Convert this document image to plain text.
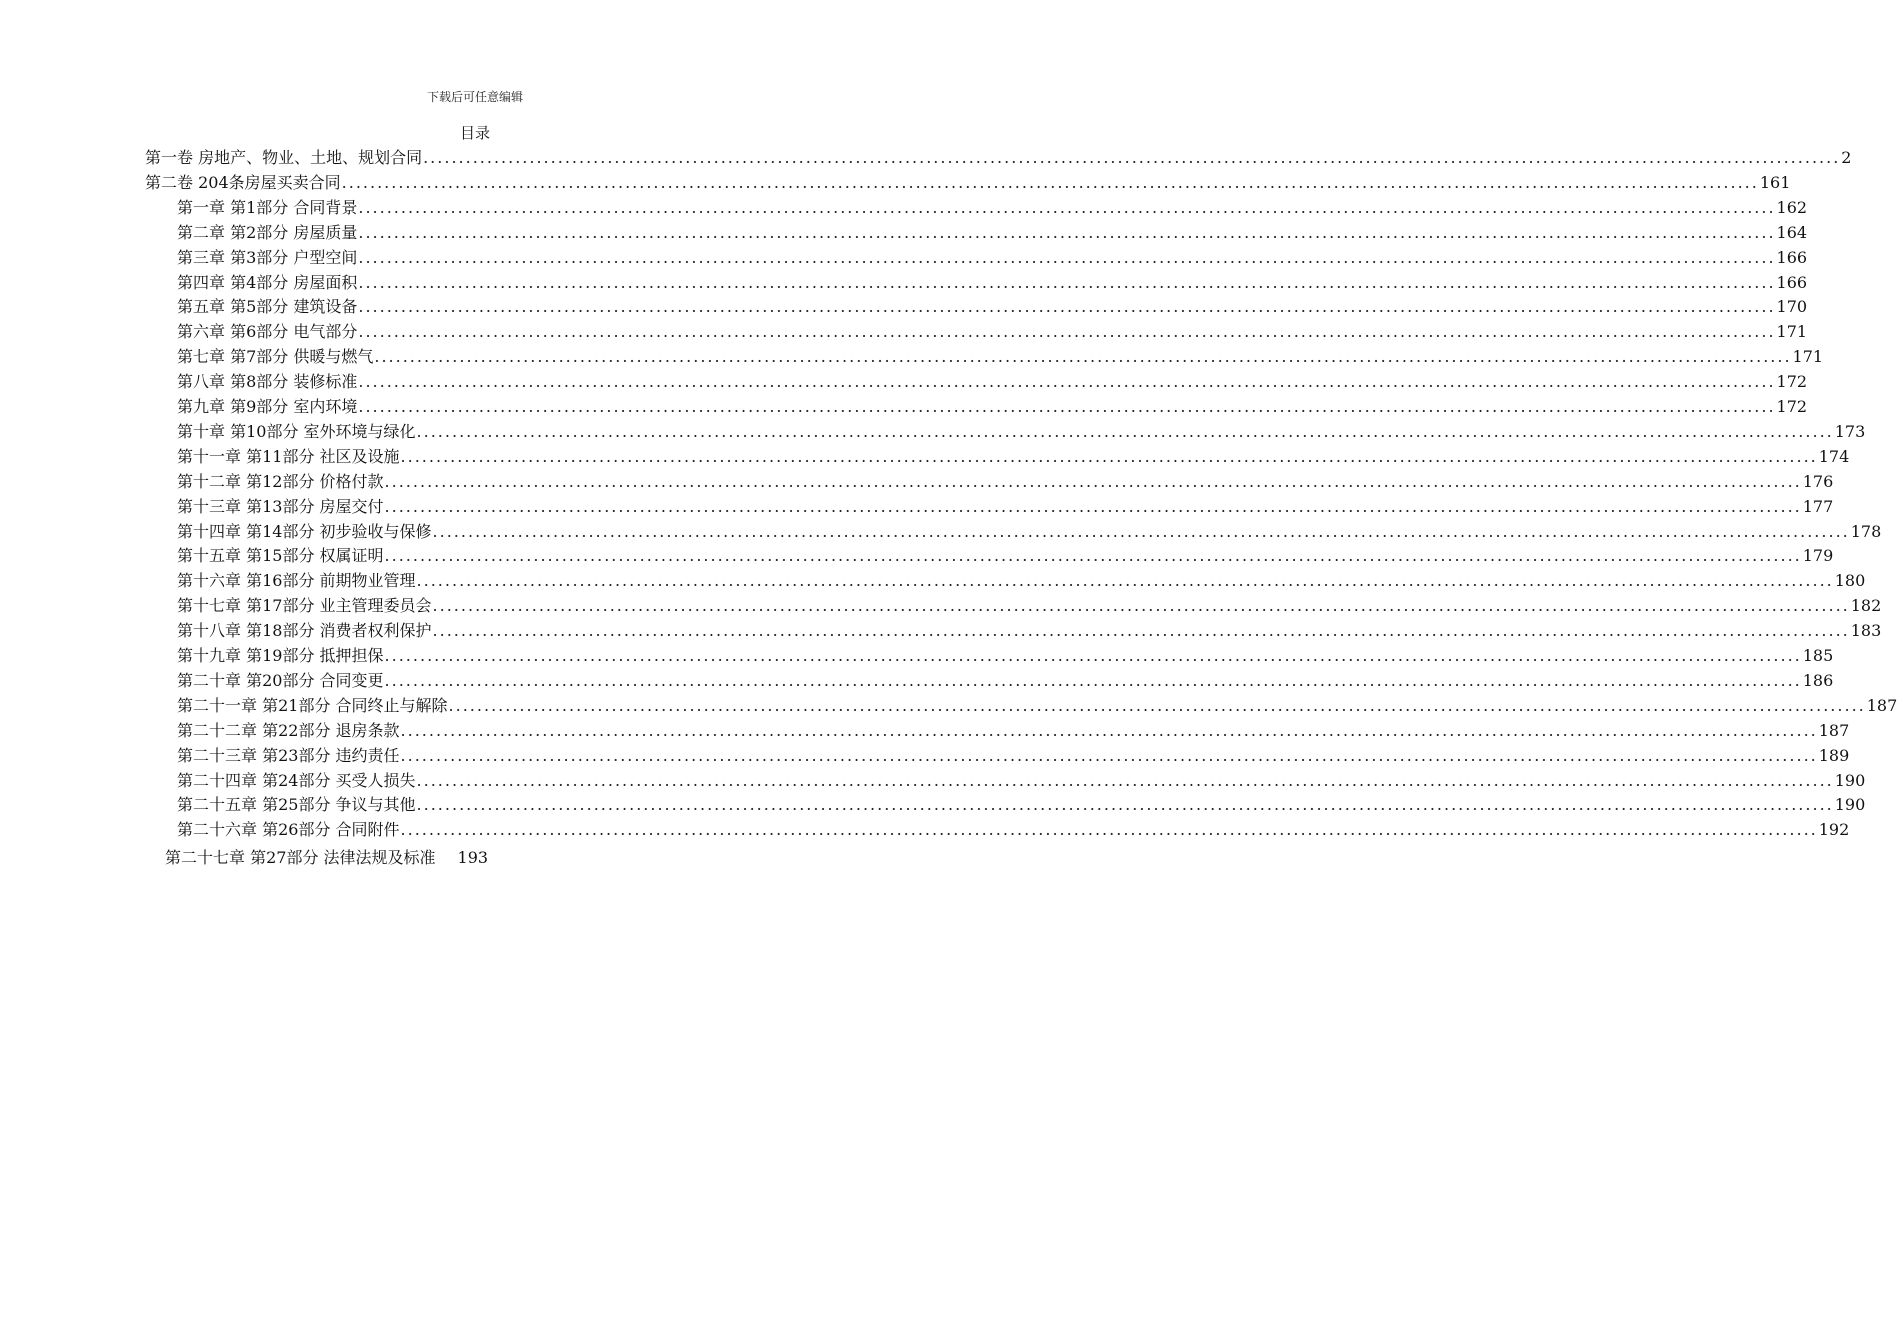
下载后可任意编辑
目录
第一卷 房地产、物业、土地、规划合同 ........................................................................................................................................................................................................ 2
第二卷 204条房屋买卖合同 ........................................................................................................................................................................................................ 161
第一章 第1部分 合同背景 ........................................................................................................................................................................................................ 162
第二章 第2部分 房屋质量 ........................................................................................................................................................................................................ 164
第三章 第3部分 户型空间 ........................................................................................................................................................................................................ 166
第四章 第4部分 房屋面积 ........................................................................................................................................................................................................ 166
第五章 第5部分 建筑设备 ........................................................................................................................................................................................................ 170
第六章 第6部分 电气部分 ........................................................................................................................................................................................................ 171
第七章 第7部分 供暖与燃气 ........................................................................................................................................................................................................ 171
第八章 第8部分 装修标准 ........................................................................................................................................................................................................ 172
第九章 第9部分 室内环境 ........................................................................................................................................................................................................ 172
第十章 第10部分 室外环境与绿化 ........................................................................................................................................................................................................ 173
第十一章 第11部分 社区及设施 ........................................................................................................................................................................................................ 174
第十二章 第12部分 价格付款 ........................................................................................................................................................................................................ 176
第十三章 第13部分 房屋交付 ........................................................................................................................................................................................................ 177
第十四章 第14部分 初步验收与保修 ........................................................................................................................................................................................................ 178
第十五章 第15部分 权属证明 ........................................................................................................................................................................................................ 179
第十六章 第16部分 前期物业管理 ........................................................................................................................................................................................................ 180
第十七章 第17部分 业主管理委员会 ........................................................................................................................................................................................................ 182
第十八章 第18部分 消费者权利保护 ........................................................................................................................................................................................................ 183
第十九章 第19部分 抵押担保 ........................................................................................................................................................................................................ 185
第二十章 第20部分 合同变更 ........................................................................................................................................................................................................ 186
第二十一章 第21部分 合同终止与解除 ........................................................................................................................................................................................................ 187
第二十二章 第22部分 退房条款 ........................................................................................................................................................................................................ 187
第二十三章 第23部分 违约责任 ........................................................................................................................................................................................................ 189
第二十四章 第24部分 买受人损失 ........................................................................................................................................................................................................ 190
第二十五章 第25部分 争议与其他 ........................................................................................................................................................................................................ 190
第二十六章 第26部分 合同附件 ........................................................................................................................................................................................................ 192
第二十七章 第27部分 法律法规及标准 193
